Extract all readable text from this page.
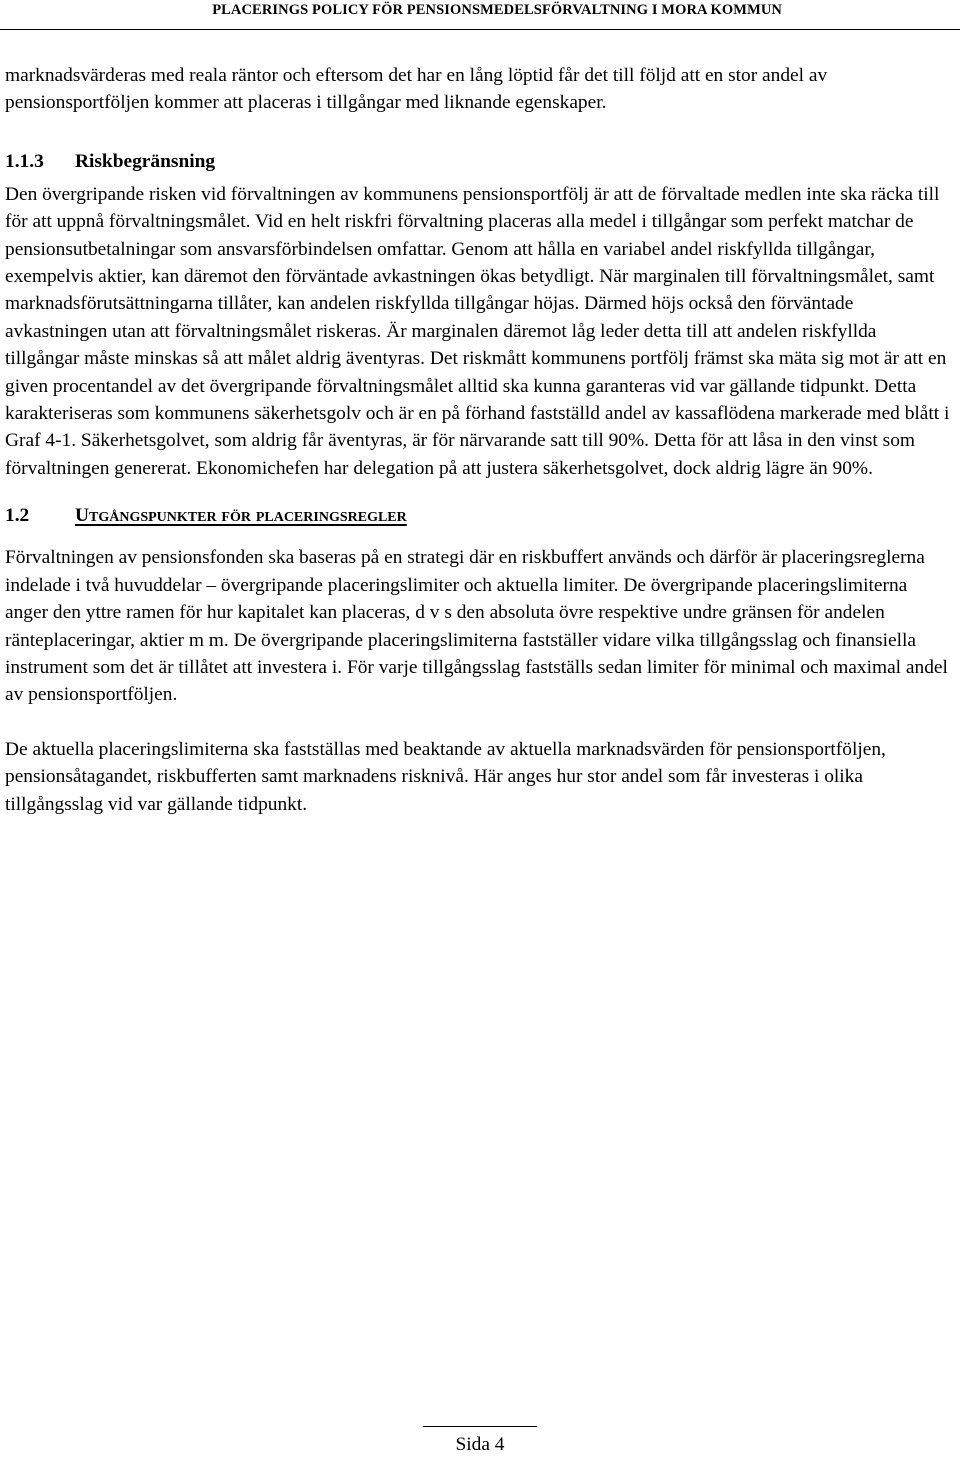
PLACERINGS POLICY FÖR PENSIONSMEDELSFÖRVALTNING I MORA KOMMUN

marknadsvärderas med reala räntor och eftersom det har en lång löptid får det till följd att en stor andel av pensionsportföljen kommer att placeras i tillgångar med liknande egenskaper.

1.1.3 Riskbegränsning

Den övergripande risken vid förvaltningen av kommunens pensionsportfölj är att de förvaltade medlen inte ska räcka till för att uppnå förvaltningsmålet. Vid en helt riskfri förvaltning placeras alla medel i tillgångar som perfekt matchar de pensionsutbetalningar som ansvarsförbindelsen omfattar. Genom att hålla en variabel andel riskfyllda tillgångar, exempelvis aktier, kan däremot den förväntade avkastningen ökas betydligt. När marginalen till förvaltningsmålet, samt marknadsförutsättningarna tillåter, kan andelen riskfyllda tillgångar höjas. Därmed höjs också den förväntade avkastningen utan att förvaltningsmålet riskeras. Är marginalen däremot låg leder detta till att andelen riskfyllda tillgångar måste minskas så att målet aldrig äventyras. Det riskmått kommunens portfölj främst ska mäta sig mot är att en given procentandel av det övergripande förvaltningsmålet alltid ska kunna garanteras vid var gällande tidpunkt. Detta karakteriseras som kommunens säkerhetsgolv och är en på förhand fastställd andel av kassaflödena markerade med blått i Graf 4-1. Säkerhetsgolvet, som aldrig får äventyras, är för närvarande satt till 90%. Detta för att låsa in den vinst som förvaltningen genererat. Ekonomichefen har delegation på att justera säkerhetsgolvet, dock aldrig lägre än 90%.

1.2 Utgångspunkter för placeringsregler

Förvaltningen av pensionsfonden ska baseras på en strategi där en riskbuffert används och därför är placeringsreglerna indelade i två huvuddelar – övergripande placeringslimiter och aktuella limiter. De övergripande placeringslimiterna anger den yttre ramen för hur kapitalet kan placeras, d v s den absoluta övre respektive undre gränsen för andelen ränteplaceringar, aktier m m. De övergripande placeringslimiterna fastställer vidare vilka tillgångsslag och finansiella instrument som det är tillåtet att investera i. För varje tillgångsslag fastställs sedan limiter för minimal och maximal andel av pensionsportföljen.

De aktuella placeringslimiterna ska fastställas med beaktande av aktuella marknadsvärden för pensionsportföljen, pensionsåtagandet, riskbufferten samt marknadens risknivå. Här anges hur stor andel som får investeras i olika tillgångsslag vid var gällande tidpunkt.

Sida 4
